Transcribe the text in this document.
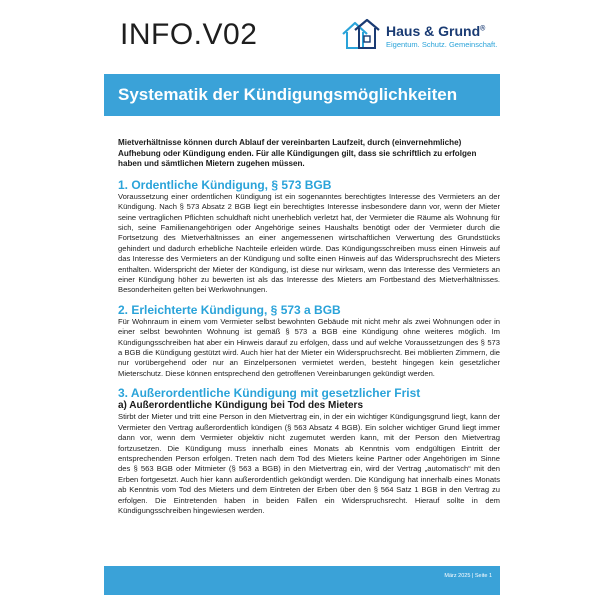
INFO.V02	Haus & Grund®
Eigentum. Schutz. Gemeinschaft.
Systematik der Kündigungsmöglichkeiten

Mietverhältnisse können durch Ablauf der vereinbarten Laufzeit, durch (einvernehmliche) Aufhebung oder Kündigung enden. Für alle Kündigungen gilt, dass sie schriftlich zu erfolgen haben und sämtlichen Mietern zugehen müssen.

1. Ordentliche Kündigung, § 573 BGB

Voraussetzung einer ordentlichen Kündigung ist ein sogenanntes berechtigtes Interesse des Vermieters an der Kündigung. Nach § 573 Absatz 2 BGB liegt ein berechtigtes Interesse insbesondere dann vor, wenn der Mieter seine vertraglichen Pflichten schuldhaft nicht unerheblich verletzt hat, der Vermieter die Räume als Wohnung für sich, seine Familienangehörigen oder Angehörige seines Haushalts benötigt oder der Vermieter durch die Fortsetzung des Mietverhältnisses an einer angemessenen wirtschaftlichen Verwertung des Grundstücks gehindert und dadurch erhebliche Nachteile erleiden würde. Das Kündigungsschreiben muss einen Hinweis auf das Interesse des Vermieters an der Kündigung und sollte einen Hinweis auf das Widerspruchsrecht des Mieters enthalten. Widerspricht der Mieter der Kündigung, ist diese nur wirksam, wenn das Interesse des Vermieters an einer Kündigung höher zu bewerten ist als das Interesse des Mieters am Fortbestand des Mietverhältnisses. Besonderheiten gelten bei Werkwohnungen.

2. Erleichterte Kündigung, § 573 a BGB

Für Wohnraum in einem vom Vermieter selbst bewohnten Gebäude mit nicht mehr als zwei Wohnungen oder in einer selbst bewohnten Wohnung ist gemäß § 573 a BGB eine Kündigung ohne weiteres möglich. Im Kündigungsschreiben hat aber ein Hinweis darauf zu erfolgen, dass und auf welche Voraussetzungen des § 573 a BGB die Kündigung gestützt wird. Auch hier hat der Mieter ein Widerspruchsrecht. Bei möblierten Zimmern, die nur vorübergehend oder nur an Einzelpersonen vermietet werden, besteht hingegen kein gesetzlicher Mieterschutz. Diese können entsprechend den getroffenen Vereinbarungen gekündigt werden.

3. Außerordentliche Kündigung mit gesetzlicher Frist
a) Außerordentliche Kündigung bei Tod des Mieters

Stirbt der Mieter und tritt eine Person in den Mietvertrag ein, in der ein wichtiger Kündigungsgrund liegt, kann der Vermieter den Vertrag außerordentlich kündigen (§ 563 Absatz 4 BGB). Ein solcher wichtiger Grund liegt immer dann vor, wenn dem Vermieter objektiv nicht zugemutet werden kann, mit der Person den Mietvertrag fortzusetzen. Die Kündigung muss innerhalb eines Monats ab Kenntnis vom endgültigen Eintritt der entsprechenden Person erfolgen. Treten nach dem Tod des Mieters keine Partner oder Angehörigen im Sinne des § 563 BGB oder Mitmieter (§ 563 a BGB) in den Mietvertrag ein, wird der Vertrag „automatisch“ mit den Erben fortgesetzt. Auch hier kann außerordentlich gekündigt werden. Die Kündigung hat innerhalb eines Monats ab Kenntnis vom Tod des Mieters und dem Eintreten der Erben über den § 564 Satz 1 BGB in den Vertrag zu erfolgen. Die Eintretenden haben in beiden Fällen ein Widerspruchsrecht. Hierauf sollte in dem Kündigungsschreiben hingewiesen werden.

März 2025 | Seite 1
